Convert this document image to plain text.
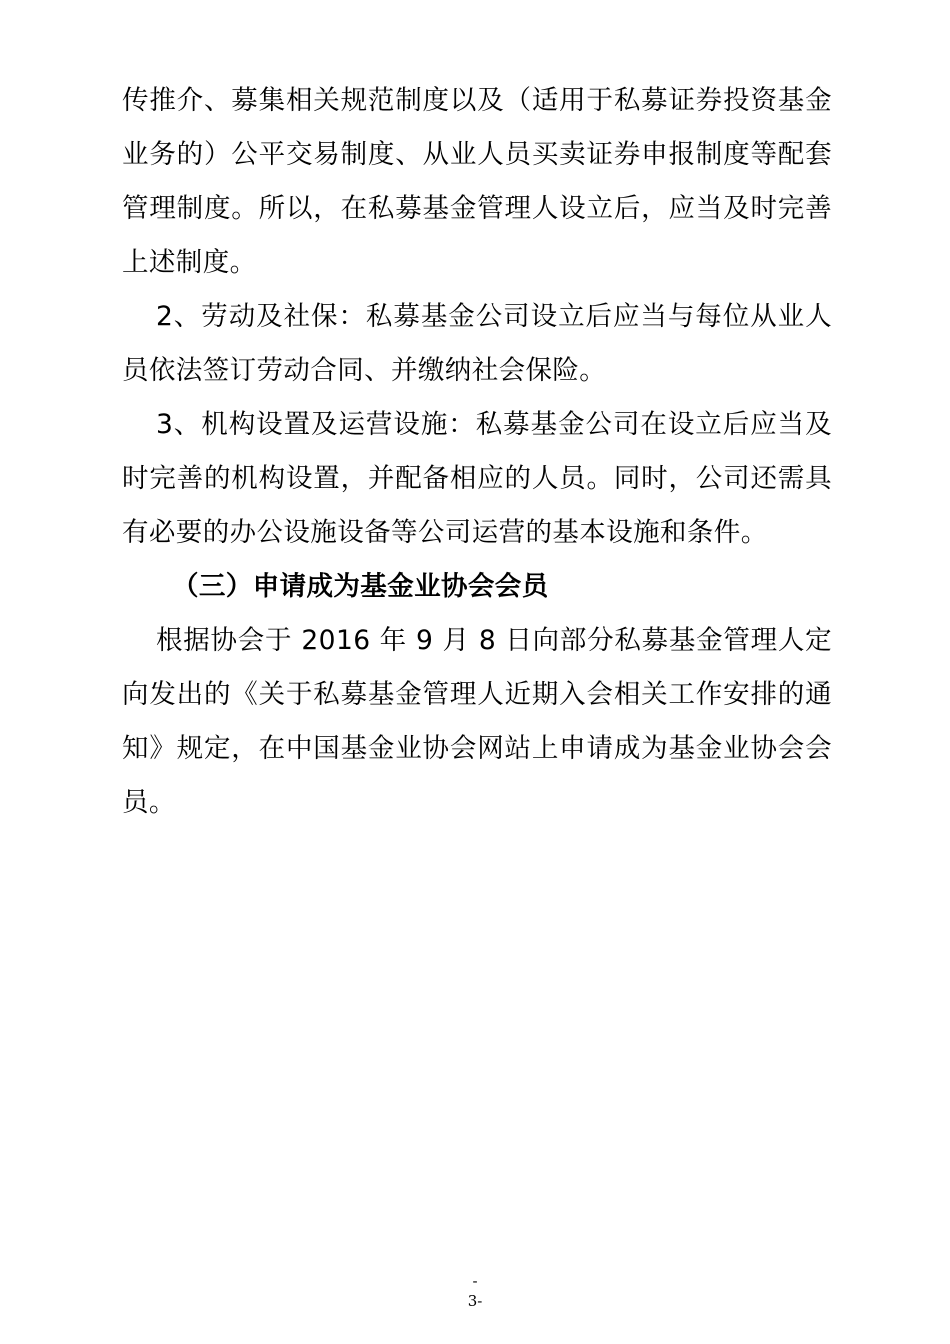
传推介、募集相关规范制度以及（适用于私募证券投资基金业务的）公平交易制度、从业人员买卖证券申报制度等配套管理制度。所以，在私募基金管理人设立后，应当及时完善上述制度。

2、劳动及社保：私募基金公司设立后应当与每位从业人员依法签订劳动合同、并缴纳社会保险。

3、机构设置及运营设施：私募基金公司在设立后应当及时完善的机构设置，并配备相应的人员。同时，公司还需具有必要的办公设施设备等公司运营的基本设施和条件。

（三）申请成为基金业协会会员

根据协会于 2016 年 9 月 8 日向部分私募基金管理人定向发出的《关于私募基金管理人近期入会相关工作安排的通知》规定，在中国基金业协会网站上申请成为基金业协会会员。

-
3-
